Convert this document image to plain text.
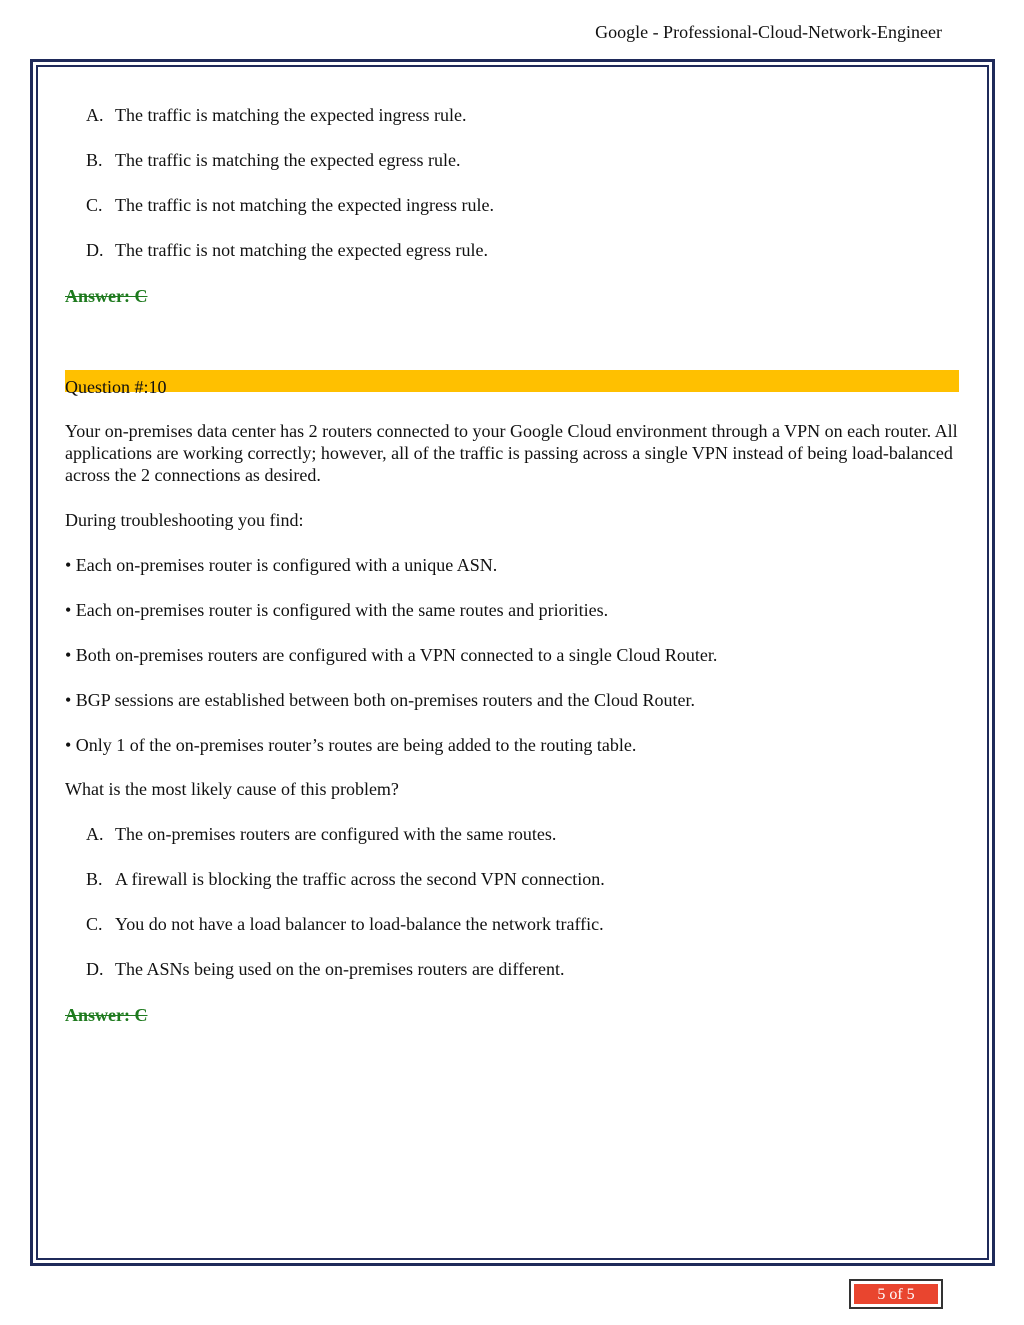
Google - Professional-Cloud-Network-Engineer
A. The traffic is matching the expected ingress rule.
B. The traffic is matching the expected egress rule.
C. The traffic is not matching the expected ingress rule.
D. The traffic is not matching the expected egress rule.
Answer: C
Question #:10
Your on-premises data center has 2 routers connected to your Google Cloud environment through a VPN on each router. All applications are working correctly; however, all of the traffic is passing across a single VPN instead of being load-balanced across the 2 connections as desired.
During troubleshooting you find:
• Each on-premises router is configured with a unique ASN.
• Each on-premises router is configured with the same routes and priorities.
• Both on-premises routers are configured with a VPN connected to a single Cloud Router.
• BGP sessions are established between both on-premises routers and the Cloud Router.
• Only 1 of the on-premises router’s routes are being added to the routing table.
What is the most likely cause of this problem?
A. The on-premises routers are configured with the same routes.
B. A firewall is blocking the traffic across the second VPN connection.
C. You do not have a load balancer to load-balance the network traffic.
D. The ASNs being used on the on-premises routers are different.
Answer: C
5 of 5
